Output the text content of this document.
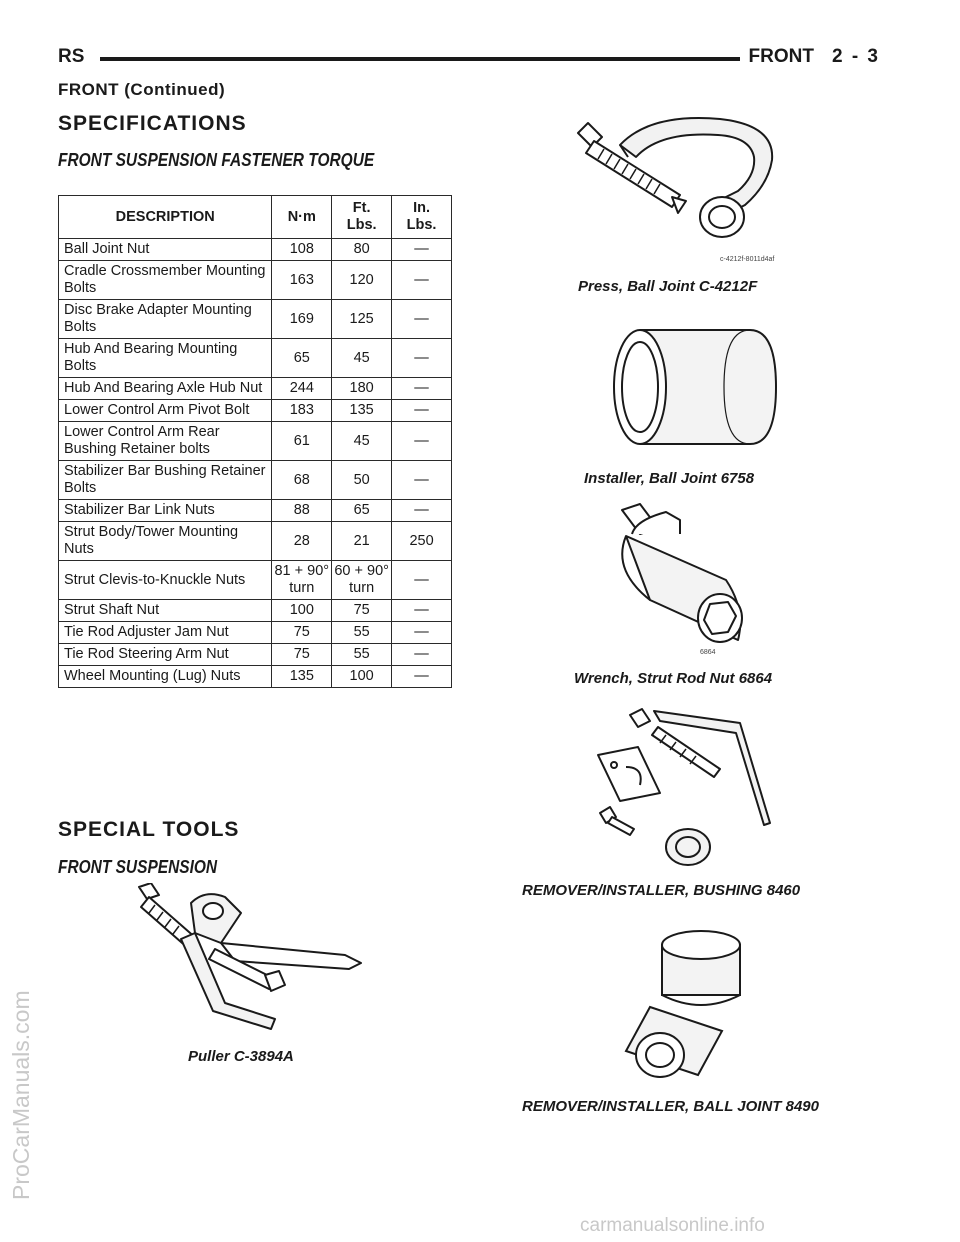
RS	FRONT 2 - 3
FRONT (Continued)
SPECIFICATIONS
FRONT SUSPENSION FASTENER TORQUE
DESCRIPTION	N·m	Ft. Lbs.	In. Lbs.
Ball Joint Nut	108	80	—
Cradle Crossmember Mounting Bolts	163	120	—
Disc Brake Adapter Mounting Bolts	169	125	—
Hub And Bearing Mounting Bolts	65	45	—
Hub And Bearing Axle Hub Nut	244	180	—
Lower Control Arm Pivot Bolt	183	135	—
Lower Control Arm Rear Bushing Retainer bolts	61	45	—
Stabilizer Bar Bushing Retainer Bolts	68	50	—
Stabilizer Bar Link Nuts	88	65	—
Strut Body/Tower Mounting Nuts	28	21	250
Strut Clevis-to-Knuckle Nuts	81 + 90° turn	60 + 90° turn	—
Strut Shaft Nut	100	75	—
Tie Rod Adjuster Jam Nut	75	55	—
Tie Rod Steering Arm Nut	75	55	—
Wheel Mounting (Lug) Nuts	135	100	—
SPECIAL TOOLS
FRONT SUSPENSION
c-4212f-8011d4af
Press, Ball Joint C-4212F
Installer, Ball Joint 6758
6864
Wrench, Strut Rod Nut 6864
REMOVER/INSTALLER, BUSHING 8460
REMOVER/INSTALLER, BALL JOINT 8490
Puller C-3894A
ProCarManuals.com
carmanualsonline.info
